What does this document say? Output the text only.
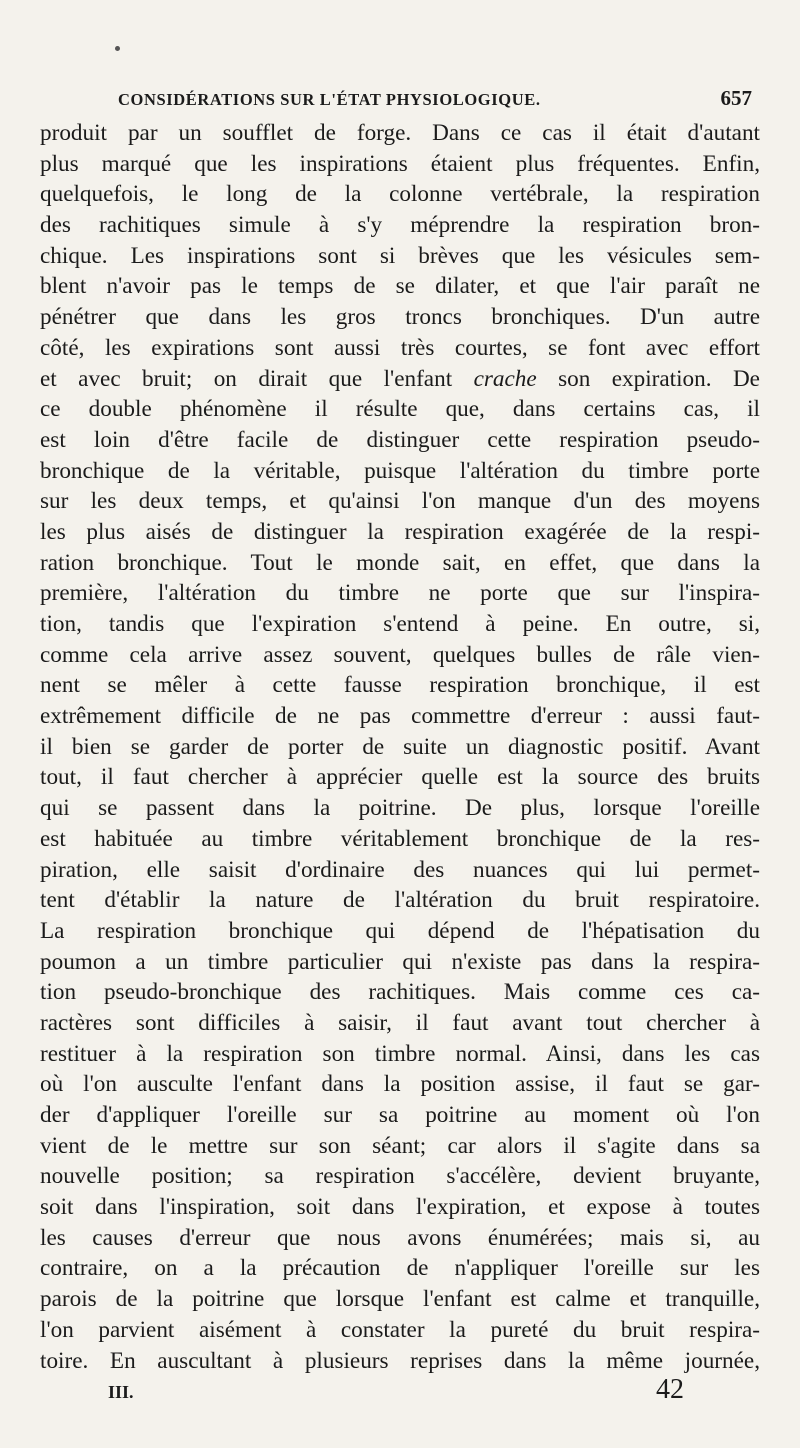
CONSIDÉRATIONS SUR L'ÉTAT PHYSIOLOGIQUE.	657
produit par un soufflet de forge. Dans ce cas il était d'autant
plus marqué que les inspirations étaient plus fréquentes. Enfin,
quelquefois, le long de la colonne vertébrale, la respiration
des rachitiques simule à s'y méprendre la respiration bron-
chique. Les inspirations sont si brèves que les vésicules sem-
blent n'avoir pas le temps de se dilater, et que l'air paraît ne
pénétrer que dans les gros troncs bronchiques. D'un autre
côté, les expirations sont aussi très courtes, se font avec effort
et avec bruit; on dirait que l'enfant crache son expiration. De
ce double phénomène il résulte que, dans certains cas, il
est loin d'être facile de distinguer cette respiration pseudo-
bronchique de la véritable, puisque l'altération du timbre porte
sur les deux temps, et qu'ainsi l'on manque d'un des moyens
les plus aisés de distinguer la respiration exagérée de la respi-
ration bronchique. Tout le monde sait, en effet, que dans la
première, l'altération du timbre ne porte que sur l'inspira-
tion, tandis que l'expiration s'entend à peine. En outre, si,
comme cela arrive assez souvent, quelques bulles de râle vien-
nent se mêler à cette fausse respiration bronchique, il est
extrêmement difficile de ne pas commettre d'erreur : aussi faut-
il bien se garder de porter de suite un diagnostic positif. Avant
tout, il faut chercher à apprécier quelle est la source des bruits
qui se passent dans la poitrine. De plus, lorsque l'oreille
est habituée au timbre véritablement bronchique de la res-
piration, elle saisit d'ordinaire des nuances qui lui permet-
tent d'établir la nature de l'altération du bruit respiratoire.
La respiration bronchique qui dépend de l'hépatisation du
poumon a un timbre particulier qui n'existe pas dans la respira-
tion pseudo-bronchique des rachitiques. Mais comme ces ca-
ractères sont difficiles à saisir, il faut avant tout chercher à
restituer à la respiration son timbre normal. Ainsi, dans les cas
où l'on ausculte l'enfant dans la position assise, il faut se gar-
der d'appliquer l'oreille sur sa poitrine au moment où l'on
vient de le mettre sur son séant; car alors il s'agite dans sa
nouvelle position; sa respiration s'accélère, devient bruyante,
soit dans l'inspiration, soit dans l'expiration, et expose à toutes
les causes d'erreur que nous avons énumérées; mais si, au
contraire, on a la précaution de n'appliquer l'oreille sur les
parois de la poitrine que lorsque l'enfant est calme et tranquille,
l'on parvient aisément à constater la pureté du bruit respira-
toire. En auscultant à plusieurs reprises dans la même journée,
III.	42
